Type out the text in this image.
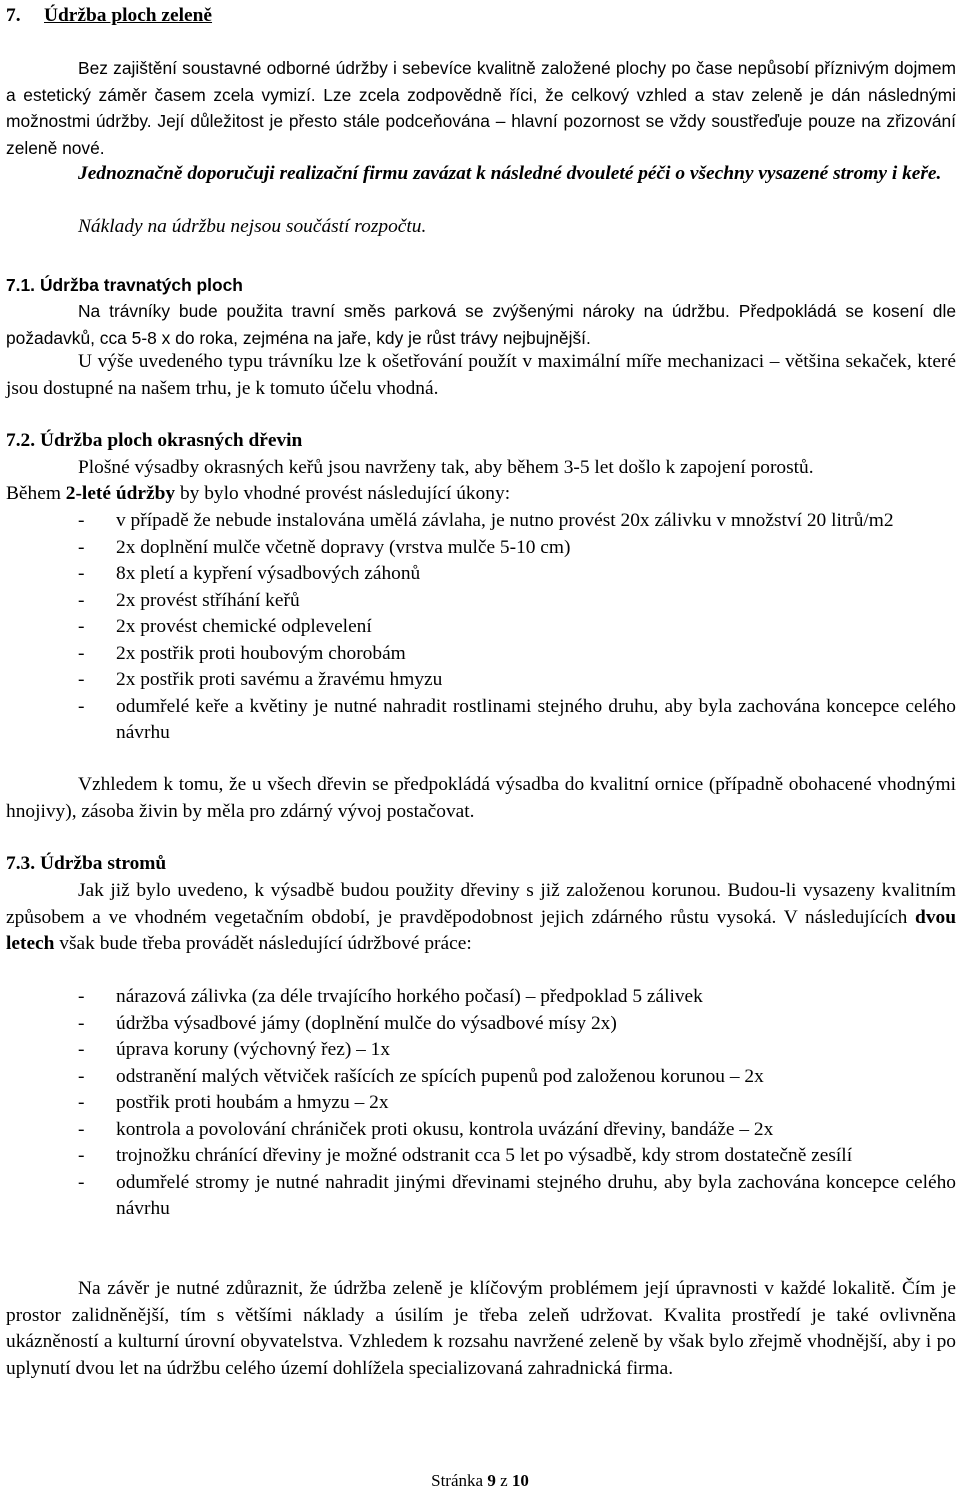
7. Údržba ploch zeleně

Bez zajištění soustavné odborné údržby i sebevíce kvalitně založené plochy po čase nepůsobí příznivým dojmem a estetický záměr časem zcela vymizí. Lze zcela zodpovědně říci, že celkový vzhled a stav zeleně je dán následnými možnostmi údržby. Její důležitost je přesto stále podceňována – hlavní pozornost se vždy soustřeďuje pouze na zřizování zeleně nové.

Jednoznačně doporučuji realizační firmu zavázat k následné dvouleté péči o všechny vysazené stromy i keře.

Náklady na údržbu nejsou součástí rozpočtu.

7.1. Údržba travnatých ploch

Na trávníky bude použita travní směs parková se zvýšenými nároky na údržbu. Předpokládá se kosení dle požadavků, cca 5-8 x do roka, zejména na jaře, kdy je růst trávy nejbujnější.

U výše uvedeného typu trávníku lze k ošetřování použít v maximální míře mechanizaci – většina sekaček, které jsou dostupné na našem trhu, je k tomuto účelu vhodná.

7.2. Údržba ploch okrasných dřevin

Plošné výsadby okrasných keřů jsou navrženy tak, aby během 3-5 let došlo k zapojení porostů.

Během 2-leté údržby by bylo vhodné provést následující úkony:

- v případě že nebude instalována umělá závlaha, je nutno provést 20x zálivku v množství 20 litrů/m2
- 2x doplnění mulče včetně dopravy (vrstva mulče 5-10 cm)
- 8x pletí a kypření výsadbových záhonů
- 2x provést stříhání keřů
- 2x provést chemické odplevelení
- 2x postřik proti houbovým chorobám
- 2x postřik proti savému a žravému hmyzu
- odumřelé keře a květiny je nutné nahradit rostlinami stejného druhu, aby byla zachována koncepce celého návrhu

Vzhledem k tomu, že u všech dřevin se předpokládá výsadba do kvalitní ornice (případně obohacené vhodnými hnojivy), zásoba živin by měla pro zdárný vývoj postačovat.

7.3. Údržba stromů

Jak již bylo uvedeno, k výsadbě budou použity dřeviny s již založenou korunou. Budou-li vysazeny kvalitním způsobem a ve vhodném vegetačním období, je pravděpodobnost jejich zdárného růstu vysoká. V následujících dvou letech však bude třeba provádět následující údržbové práce:

- nárazová zálivka (za déle trvajícího horkého počasí) – předpoklad 5 zálivek
- údržba výsadbové jámy (doplnění mulče do výsadbové mísy 2x)
- úprava koruny (výchovný řez) – 1x
- odstranění malých větviček rašících ze spících pupenů pod založenou korunou – 2x
- postřik proti houbám a hmyzu – 2x
- kontrola a povolování chrániček proti okusu, kontrola uvázání dřeviny, bandáže – 2x
- trojnožku chránící dřeviny je možné odstranit cca 5 let po výsadbě, kdy strom dostatečně zesílí
- odumřelé stromy je nutné nahradit jinými dřevinami stejného druhu, aby byla zachována koncepce celého návrhu

Na závěr je nutné zdůraznit, že údržba zeleně je klíčovým problémem její úpravnosti v každé lokalitě. Čím je prostor zalidněnější, tím s většími náklady a úsilím je třeba zeleň udržovat. Kvalita prostředí je také ovlivněna ukázněností a kulturní úrovní obyvatelstva. Vzhledem k rozsahu navržené zeleně by však bylo zřejmě vhodnější, aby i po uplynutí dvou let na údržbu celého území dohlížela specializovaná zahradnická firma.

Stránka 9 z 10
